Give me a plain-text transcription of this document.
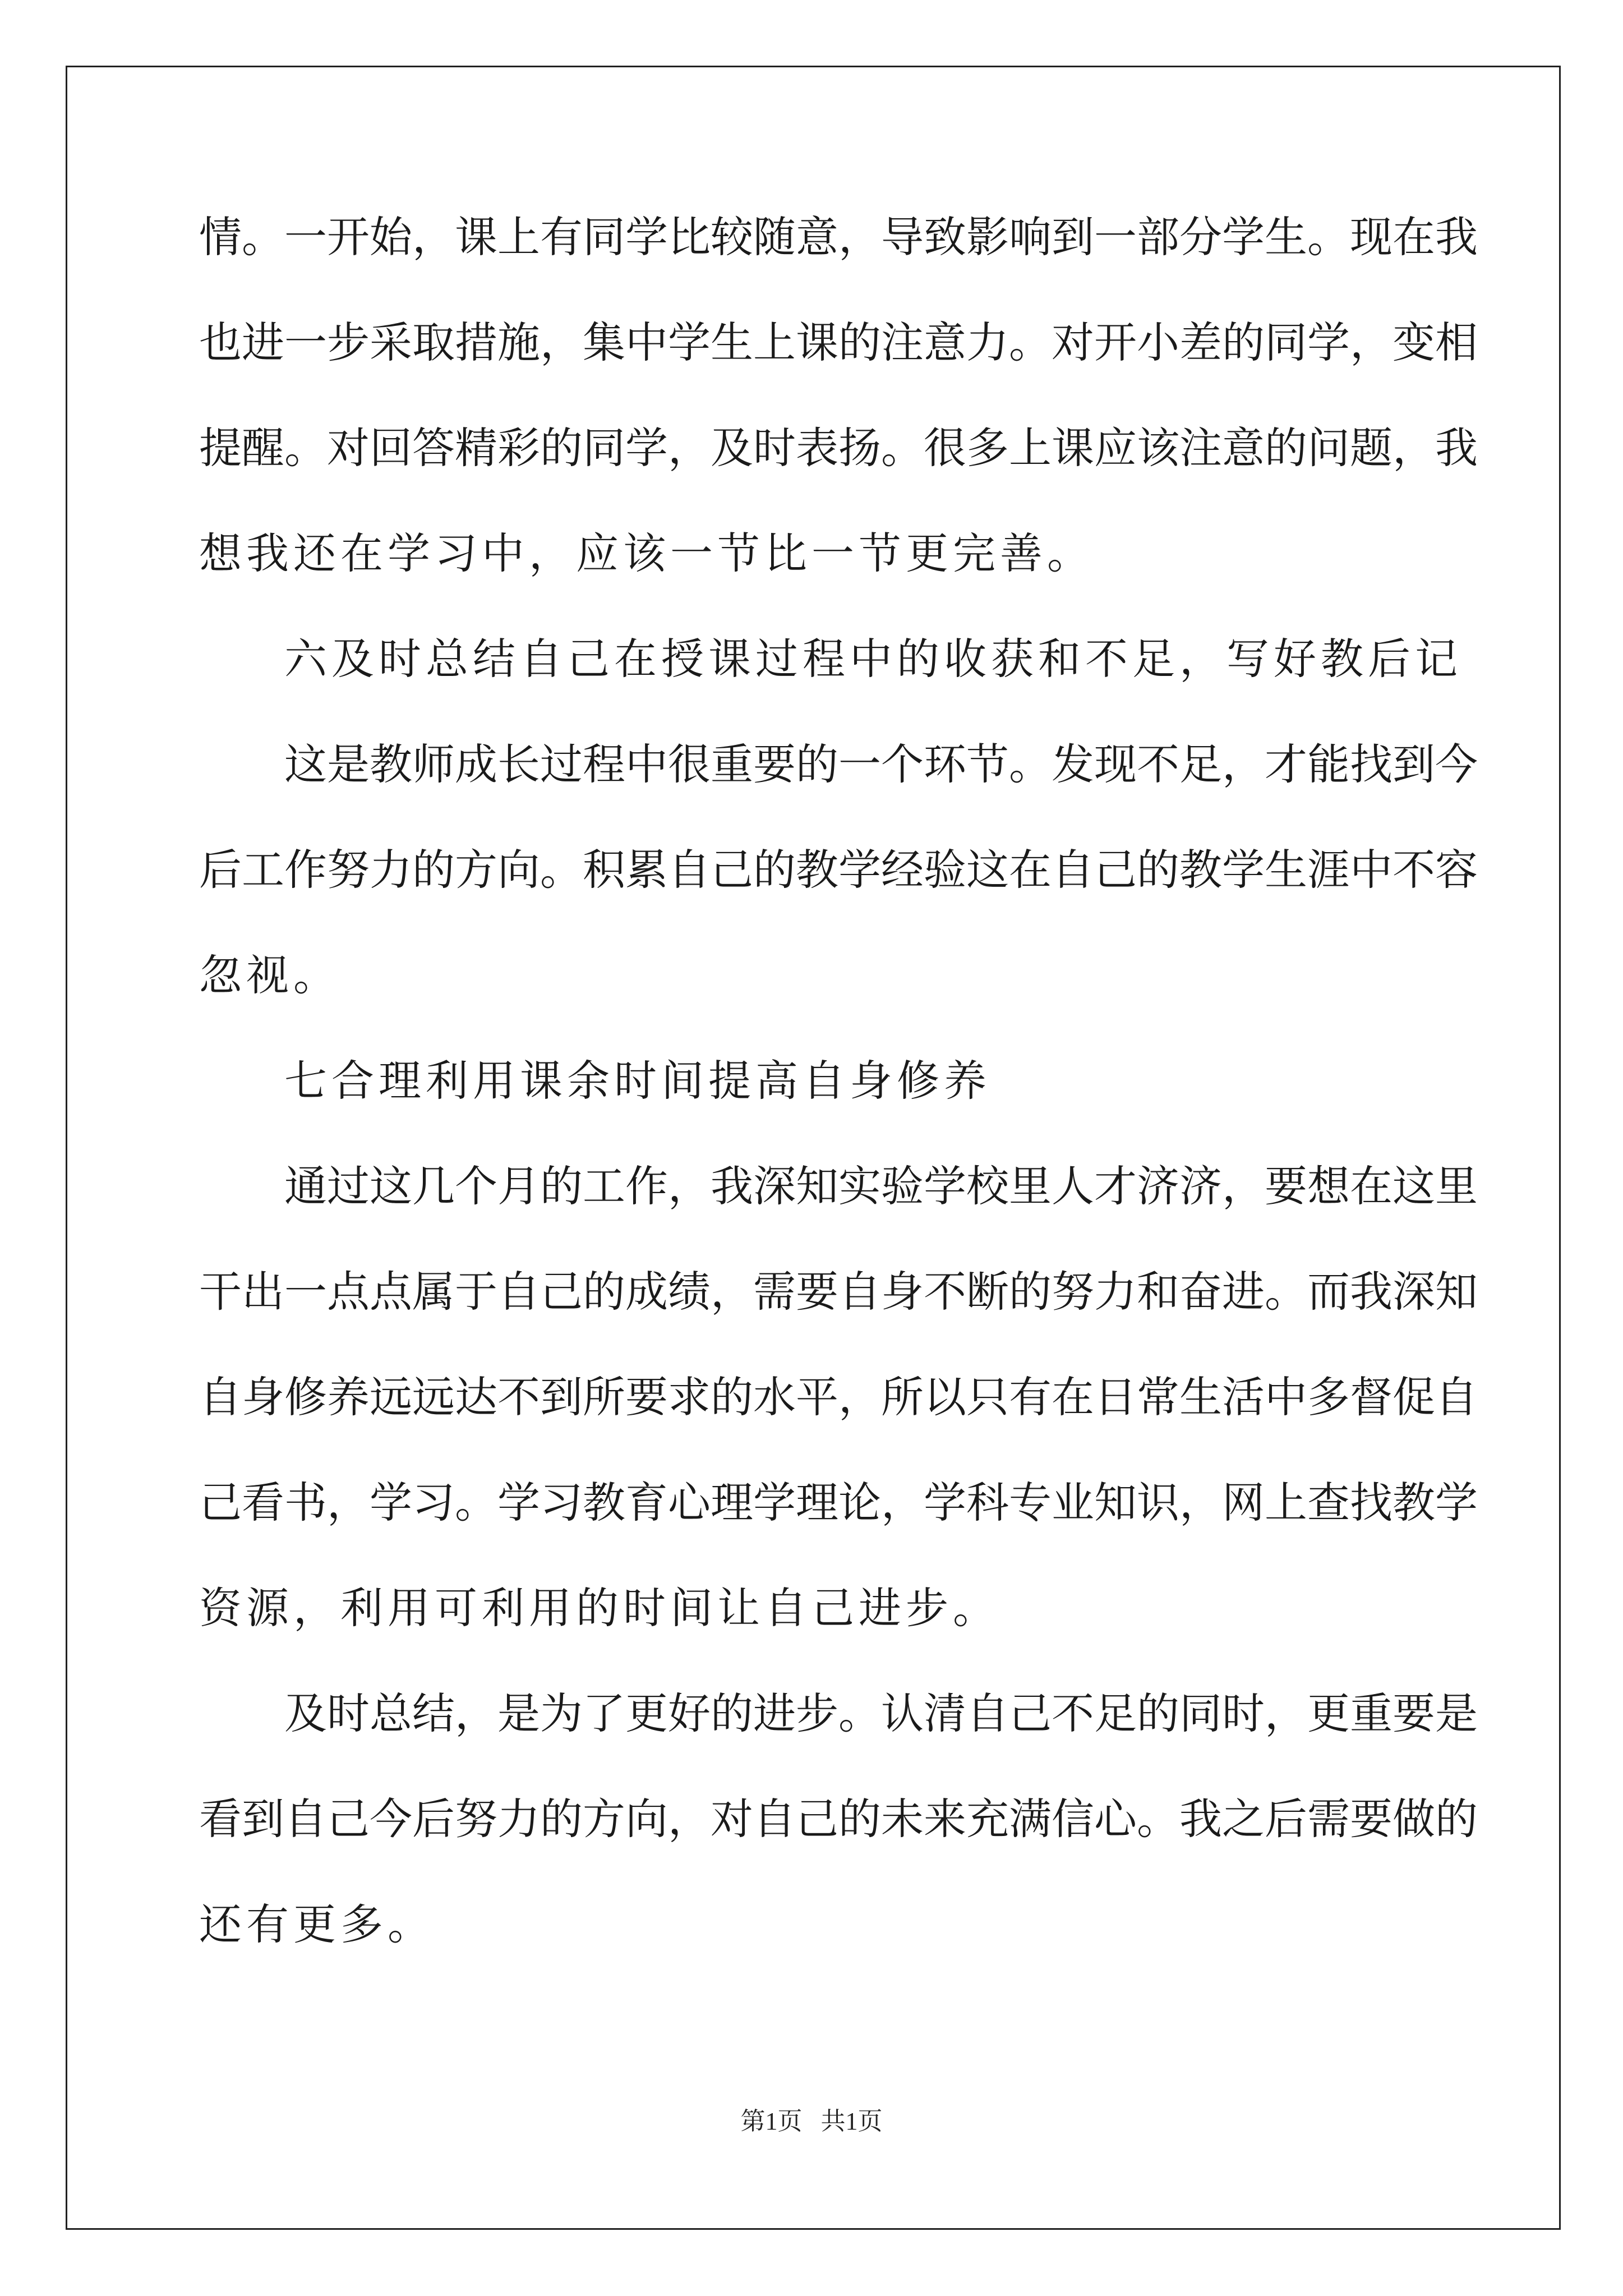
情。一开始，课上有同学比较随意，导致影响到一部分学生。现在我
也进一步采取措施，集中学生上课的注意力。对开小差的同学，变相
提醒。对回答精彩的同学，及时表扬。很多上课应该注意的问题，我
想我还在学习中，应该一节比一节更完善。
六及时总结自己在授课过程中的收获和不足，写好教后记
这是教师成长过程中很重要的一个环节。发现不足，才能找到今
后工作努力的方向。积累自己的教学经验这在自己的教学生涯中不容
忽视。
七合理利用课余时间提高自身修养
通过这几个月的工作，我深知实验学校里人才济济，要想在这里
干出一点点属于自己的成绩，需要自身不断的努力和奋进。而我深知
自身修养远远达不到所要求的水平，所以只有在日常生活中多督促自
己看书，学习。学习教育心理学理论，学科专业知识，网上查找教学
资源，利用可利用的时间让自己进步。
及时总结，是为了更好的进步。认清自己不足的同时，更重要是
看到自己今后努力的方向，对自己的未来充满信心。我之后需要做的
还有更多。
第1页   共1页
